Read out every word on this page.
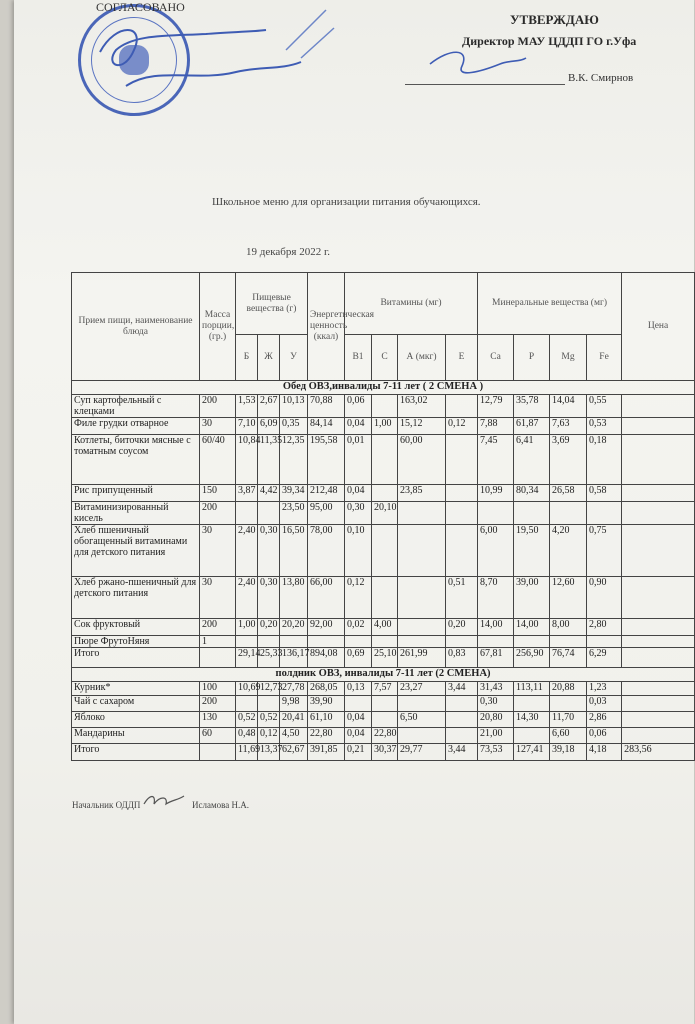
СОГЛАСОВАНО
УТВЕРЖДАЮ
Директор МАУ ЦДДП ГО г.Уфа
В.К. Смирнов
Школьное меню для организации питания обучающихся.
19 декабря 2022 г.
Прием пищи, наименование блюда	Масса порции, (гр.)	Пищевые вещества (г)			Энергетическая ценность (ккал)	Витамины (мг)				Минеральные вещества (мг)				Цена
		Б	Ж	У		В1	С	А (мкг)	Е	Са	Р	Mg	Fe	
Обед ОВЗ,инвалиды 7-11 лет ( 2 СМЕНА )														
Суп картофельный с клецками	200	1,53	2,67	10,13	70,88	0,06		163,02		12,79	35,78	14,04	0,55	
Филе грудки отварное	30	7,10	6,09	0,35	84,14	0,04	1,00	15,12	0,12	7,88	61,87	7,63	0,53	
Котлеты, биточки мясные с томатным соусом	60/40	10,84	11,35	12,35	195,58	0,01		60,00		7,45	6,41	3,69	0,18	
Рис припущенный	150	3,87	4,42	39,34	212,48	0,04		23,85		10,99	80,34	26,58	0,58	
Витаминизированный кисель	200			23,50	95,00	0,30	20,10							
Хлеб пшеничный обогащенный витаминами для детского питания	30	2,40	0,30	16,50	78,00	0,10				6,00	19,50	4,20	0,75	
Хлеб ржано-пшеничный для детского питания	30	2,40	0,30	13,80	66,00	0,12			0,51	8,70	39,00	12,60	0,90	
Сок фруктовый	200	1,00	0,20	20,20	92,00	0,02	4,00		0,20	14,00	14,00	8,00	2,80	
Пюре ФрутоНяня	1													
Итого		29,14	25,33	136,17	894,08	0,69	25,10	261,99	0,83	67,81	256,90	76,74	6,29	
полдник ОВЗ, инвалиды 7-11 лет (2 СМЕНА)														
Курник*	100	10,69	12,73	27,78	268,05	0,13	7,57	23,27	3,44	31,43	113,11	20,88	1,23	
Чай с сахаром	200			9,98	39,90					0,30			0,03	
Яблоко	130	0,52	0,52	20,41	61,10	0,04		6,50		20,80	14,30	11,70	2,86	
Мандарины	60	0,48	0,12	4,50	22,80	0,04	22,80			21,00		6,60	0,06	
Итого		11,69	13,37	62,67	391,85	0,21	30,37	29,77	3,44	73,53	127,41	39,18	4,18	283,56
Начальник ОДДП	Исламова Н.А.
